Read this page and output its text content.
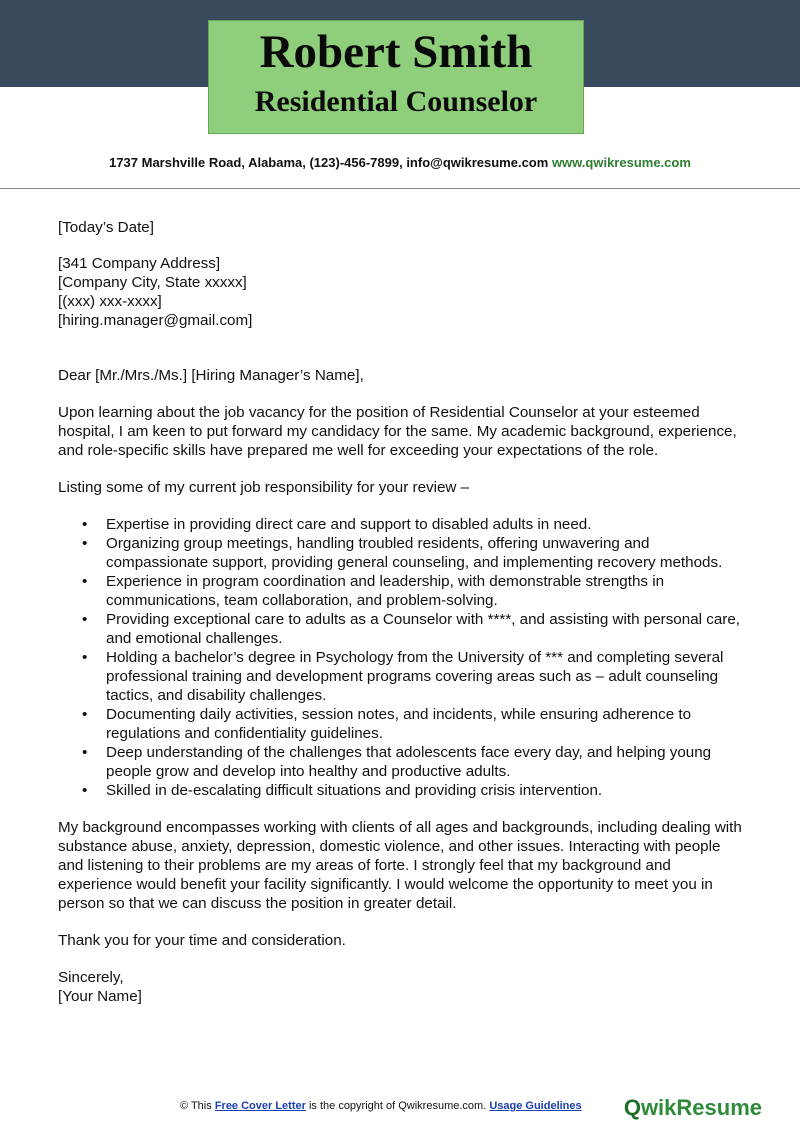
Robert Smith
Residential Counselor
1737 Marshville Road, Alabama, (123)-456-7899, info@qwikresume.com www.qwikresume.com

[Today’s Date]

[341 Company Address]

[Company City, State xxxxx]

[(xxx) xxx-xxxx]

[hiring.manager@gmail.com]

Dear [Mr./Mrs./Ms.] [Hiring Manager’s Name],

Upon learning about the job vacancy for the position of Residential Counselor at your esteemed hospital, I am keen to put forward my candidacy for the same. My academic background, experience, and role-specific skills have prepared me well for exceeding your expectations of the role.

Listing some of my current job responsibility for your review –

• Expertise in providing direct care and support to disabled adults in need.
• Organizing group meetings, handling troubled residents, offering unwavering and compassionate support, providing general counseling, and implementing recovery methods.
• Experience in program coordination and leadership, with demonstrable strengths in communications, team collaboration, and problem-solving.
• Providing exceptional care to adults as a Counselor with ****, and assisting with personal care, and emotional challenges.
• Holding a bachelor’s degree in Psychology from the University of *** and completing several professional training and development programs covering areas such as – adult counseling tactics, and disability challenges.
• Documenting daily activities, session notes, and incidents, while ensuring adherence to regulations and confidentiality guidelines.
• Deep understanding of the challenges that adolescents face every day, and helping young people grow and develop into healthy and productive adults.
• Skilled in de-escalating difficult situations and providing crisis intervention.

My background encompasses working with clients of all ages and backgrounds, including dealing with substance abuse, anxiety, depression, domestic violence, and other issues. Interacting with people and listening to their problems are my areas of forte. I strongly feel that my background and experience would benefit your facility significantly. I would welcome the opportunity to meet you in person so that we can discuss the position in greater detail.

Thank you for your time and consideration.

Sincerely,

[Your Name]

© This Free Cover Letter is the copyright of Qwikresume.com. Usage Guidelines QwikResume
